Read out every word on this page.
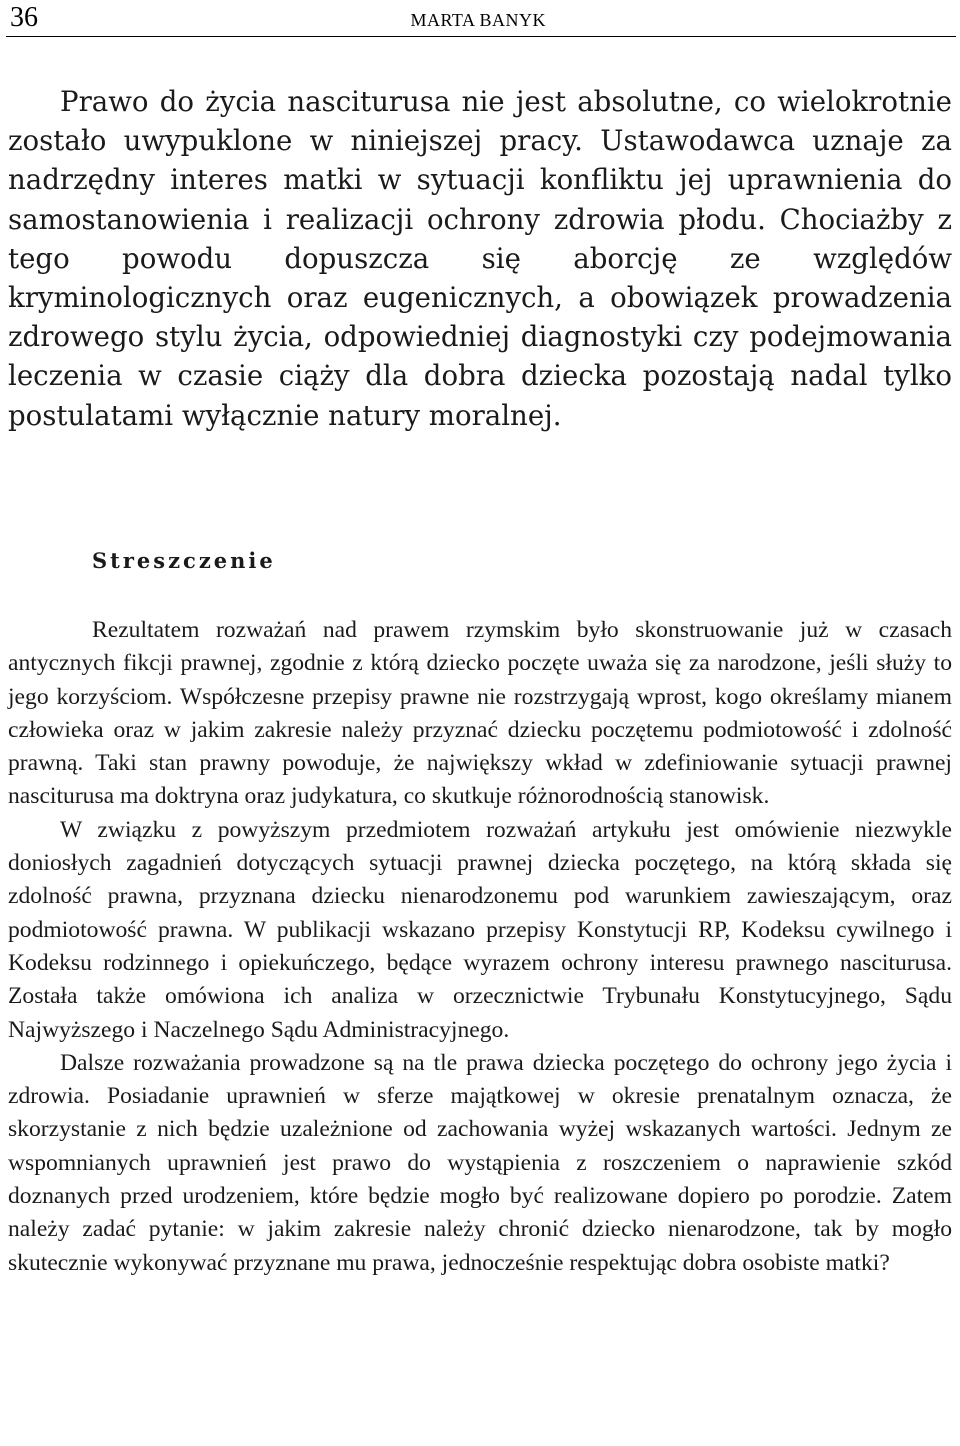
36	MARTA BANYK

Prawo do życia nasciturusa nie jest absolutne, co wielokrotnie zostało uwypuklone w niniejszej pracy. Ustawodawca uznaje za nadrzędny interes matki w sytuacji konfliktu jej uprawnienia do samostanowienia i realizacji ochrony zdrowia płodu. Chociażby z tego powodu dopuszcza się aborcję ze względów kryminologicznych oraz eugenicznych, a obowiązek prowadzenia zdrowego stylu życia, odpowiedniej diagnostyki czy podejmowania leczenia w czasie ciąży dla dobra dziecka pozostają nadal tylko postulatami wyłącznie natury moralnej.

Streszczenie

Rezultatem rozważań nad prawem rzymskim było skonstruowanie już w czasach antycznych fikcji prawnej, zgodnie z którą dziecko poczęte uważa się za narodzone, jeśli służy to jego korzyściom. Współczesne przepisy prawne nie rozstrzygają wprost, kogo określamy mianem człowieka oraz w jakim zakresie należy przyznać dziecku poczętemu podmiotowość i zdolność prawną. Taki stan prawny powoduje, że największy wkład w zdefiniowanie sytuacji prawnej nasciturusa ma doktryna oraz judykatura, co skutkuje różnorodnością stanowisk.

W związku z powyższym przedmiotem rozważań artykułu jest omówienie niezwykle doniosłych zagadnień dotyczących sytuacji prawnej dziecka poczętego, na którą składa się zdolność prawna, przyznana dziecku nienarodzonemu pod warunkiem zawieszającym, oraz podmiotowość prawna. W publikacji wskazano przepisy Konstytucji RP, Kodeksu cywilnego i Kodeksu rodzinnego i opiekuńczego, będące wyrazem ochrony interesu prawnego nasciturusa. Została także omówiona ich analiza w orzecznictwie Trybunału Konstytucyjnego, Sądu Najwyższego i Naczelnego Sądu Administracyjnego.

Dalsze rozważania prowadzone są na tle prawa dziecka poczętego do ochrony jego życia i zdrowia. Posiadanie uprawnień w sferze majątkowej w okresie prenatalnym oznacza, że skorzystanie z nich będzie uzależnione od zachowania wyżej wskazanych wartości. Jednym ze wspomnianych uprawnień jest prawo do wystąpienia z roszczeniem o naprawienie szkód doznanych przed urodzeniem, które będzie mogło być realizowane dopiero po porodzie. Zatem należy zadać pytanie: w jakim zakresie należy chronić dziecko nienarodzone, tak by mogło skutecznie wykonywać przyznane mu prawa, jednocześnie respektując dobra osobiste matki?
